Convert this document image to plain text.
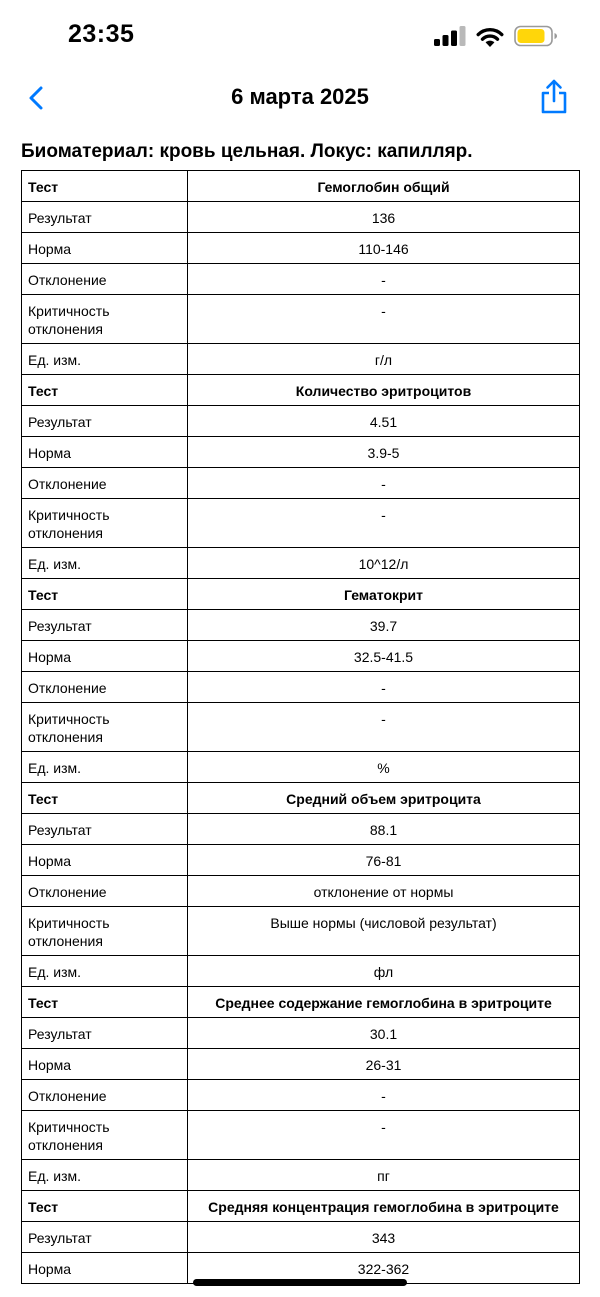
23:35
6 марта 2025
Биоматериал: кровь цельная. Локус: капилляр.
Тест	Гемоглобин общий
Результат	136
Норма	110-146
Отклонение	-
Критичность отклонения	-
Ед. изм.	г/л
Тест	Количество эритроцитов
Результат	4.51
Норма	3.9-5
Отклонение	-
Критичность отклонения	-
Ед. изм.	10^12/л
Тест	Гематокрит
Результат	39.7
Норма	32.5-41.5
Отклонение	-
Критичность отклонения	-
Ед. изм.	%
Тест	Средний объем эритроцита
Результат	88.1
Норма	76-81
Отклонение	отклонение от нормы
Критичность отклонения	Выше нормы (числовой результат)
Ед. изм.	фл
Тест	Среднее содержание гемоглобина в эритроците
Результат	30.1
Норма	26-31
Отклонение	-
Критичность отклонения	-
Ед. изм.	пг
Тест	Средняя концентрация гемоглобина в эритроците
Результат	343
Норма	322-362
